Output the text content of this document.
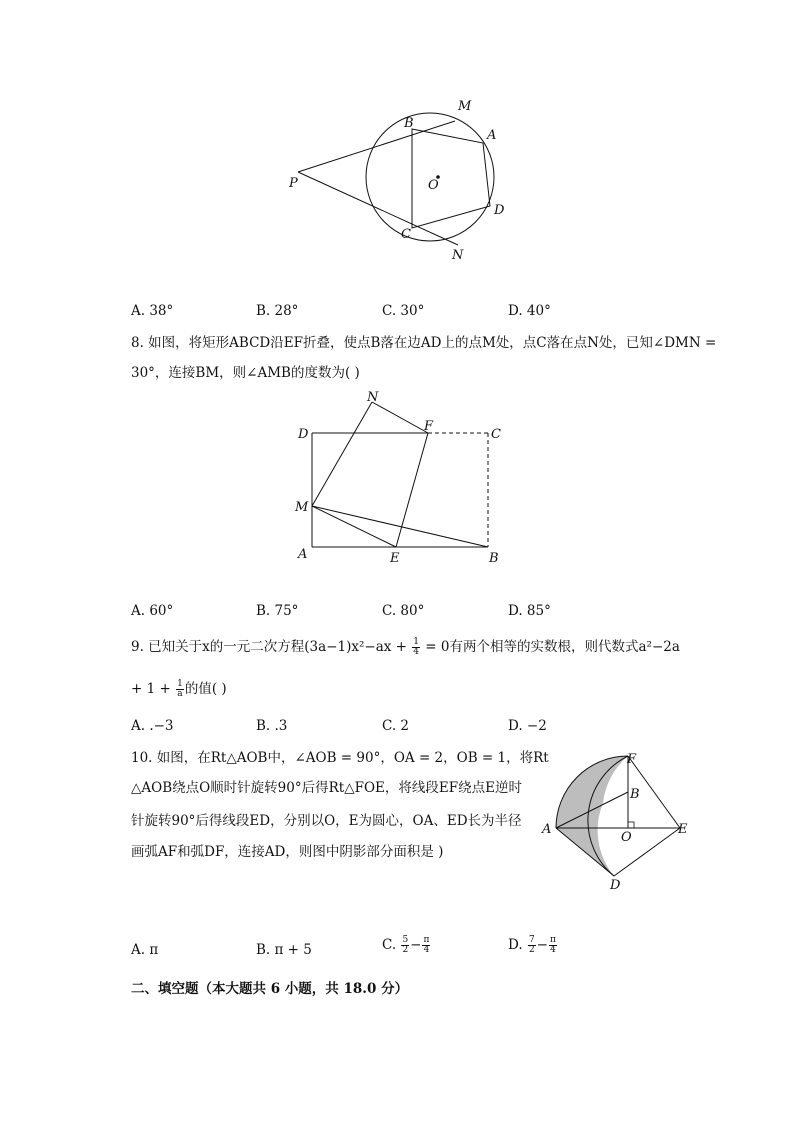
M
B
A
P	O
D
C
N
A. 38°	B. 28°	C. 30°	D. 40°
8. 如图，将矩形ABCD沿EF折叠，使点B落在边AD上的点M处，点C落在点N处，已知∠DMN =
30°，连接BM，则∠AMB的度数为( )
N
D
F
C
M
A	E	B
A. 60°	B. 75°	C. 80°	D. 85°
9. 已知关于x的一元二次方程$(3a-1)x^2-ax + \frac{1}{4} = 0$有两个相等的实数根，则代数式a²−2a
+ $1 + \frac{1}{a}$ 的值( )
A. .−3	B. .3	C. 2	D. −2
10. 如图，在Rt△AOB中，∠AOB = 90°，OA = 2，OB = 1，将Rt
△AOB绕点O顺时针旋转90°后得Rt△FOE，将线段EF绕点E逆时
针旋转90°后得线段ED，分别以O，E为圆心，OA、ED长为半径
画弧AF和弧DF，连接AD，则图中阴影部分面积是 )
F
B
A
O
E
D
A. π	B. π + 5	C. $\frac{5}{2} - \frac{\pi}{4}$	D. $\frac{7}{2} - \frac{\pi}{4}$
二、填空题（本大题共 6 小题，共 18.0 分）
